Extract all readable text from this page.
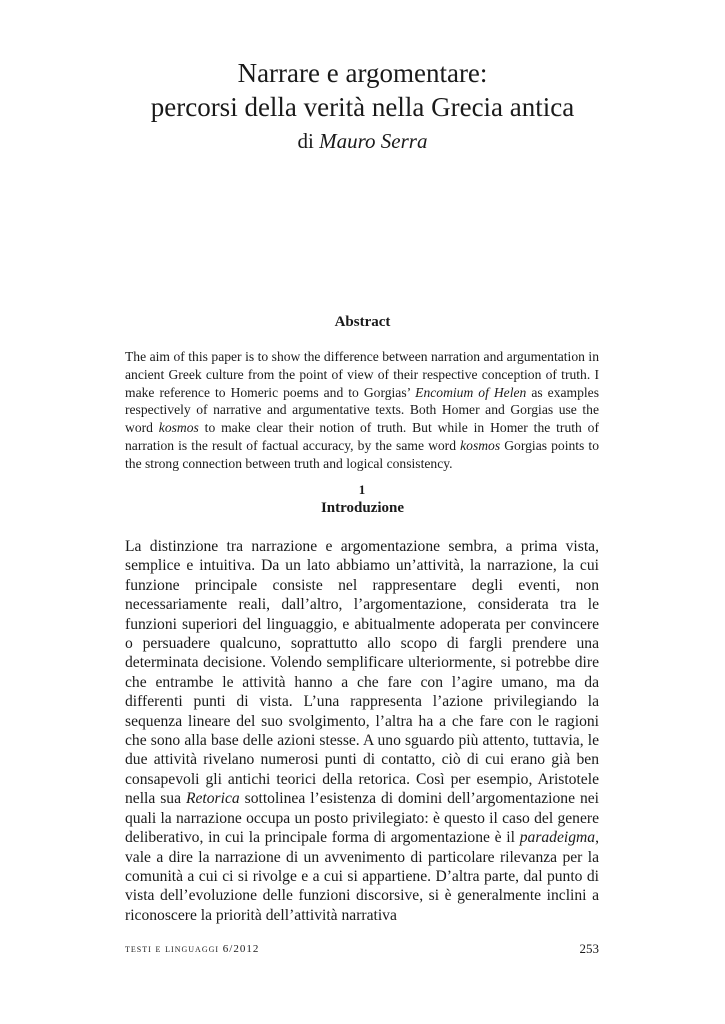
Narrare e argomentare:
percorsi della verità nella Grecia antica
di Mauro Serra
Abstract

The aim of this paper is to show the difference between narration and argumentation in ancient Greek culture from the point of view of their respective conception of truth. I make reference to Homeric poems and to Gorgias’ Encomium of Helen as examples respectively of narrative and argumentative texts. Both Homer and Gorgias use the word kosmos to make clear their notion of truth. But while in Homer the truth of narration is the result of factual accuracy, by the same word kosmos Gorgias points to the strong connection between truth and logical consistency.

1
Introduzione

La distinzione tra narrazione e argomentazione sembra, a prima vista, semplice e intuitiva. Da un lato abbiamo un’attività, la narrazione, la cui funzione principale consiste nel rappresentare degli eventi, non necessariamente reali, dall’altro, l’argomentazione, considerata tra le funzioni superiori del linguaggio, e abitualmente adoperata per convincere o persuadere qualcuno, soprattutto allo scopo di fargli prendere una determinata decisione. Volendo semplificare ulteriormente, si potrebbe dire che entrambe le attività hanno a che fare con l’agire umano, ma da differenti punti di vista. L’una rappresenta l’azione privilegiando la sequenza lineare del suo svolgimento, l’altra ha a che fare con le ragioni che sono alla base delle azioni stesse. A uno sguardo più attento, tuttavia, le due attività rivelano numerosi punti di contatto, ciò di cui erano già ben consapevoli gli antichi teorici della retorica. Così per esempio, Aristotele nella sua Retorica sottolinea l’esistenza di domini dell’argomentazione nei quali la narrazione occupa un posto privilegiato: è questo il caso del genere deliberativo, in cui la principale forma di argomentazione è il paradeigma, vale a dire la narrazione di un avvenimento di particolare rilevanza per la comunità a cui ci si rivolge e a cui si appartiene. D’altra parte, dal punto di vista dell’evoluzione delle funzioni discorsive, si è generalmente inclini a riconoscere la priorità dell’attività narrativa

testi e linguaggi 6/2012	253
